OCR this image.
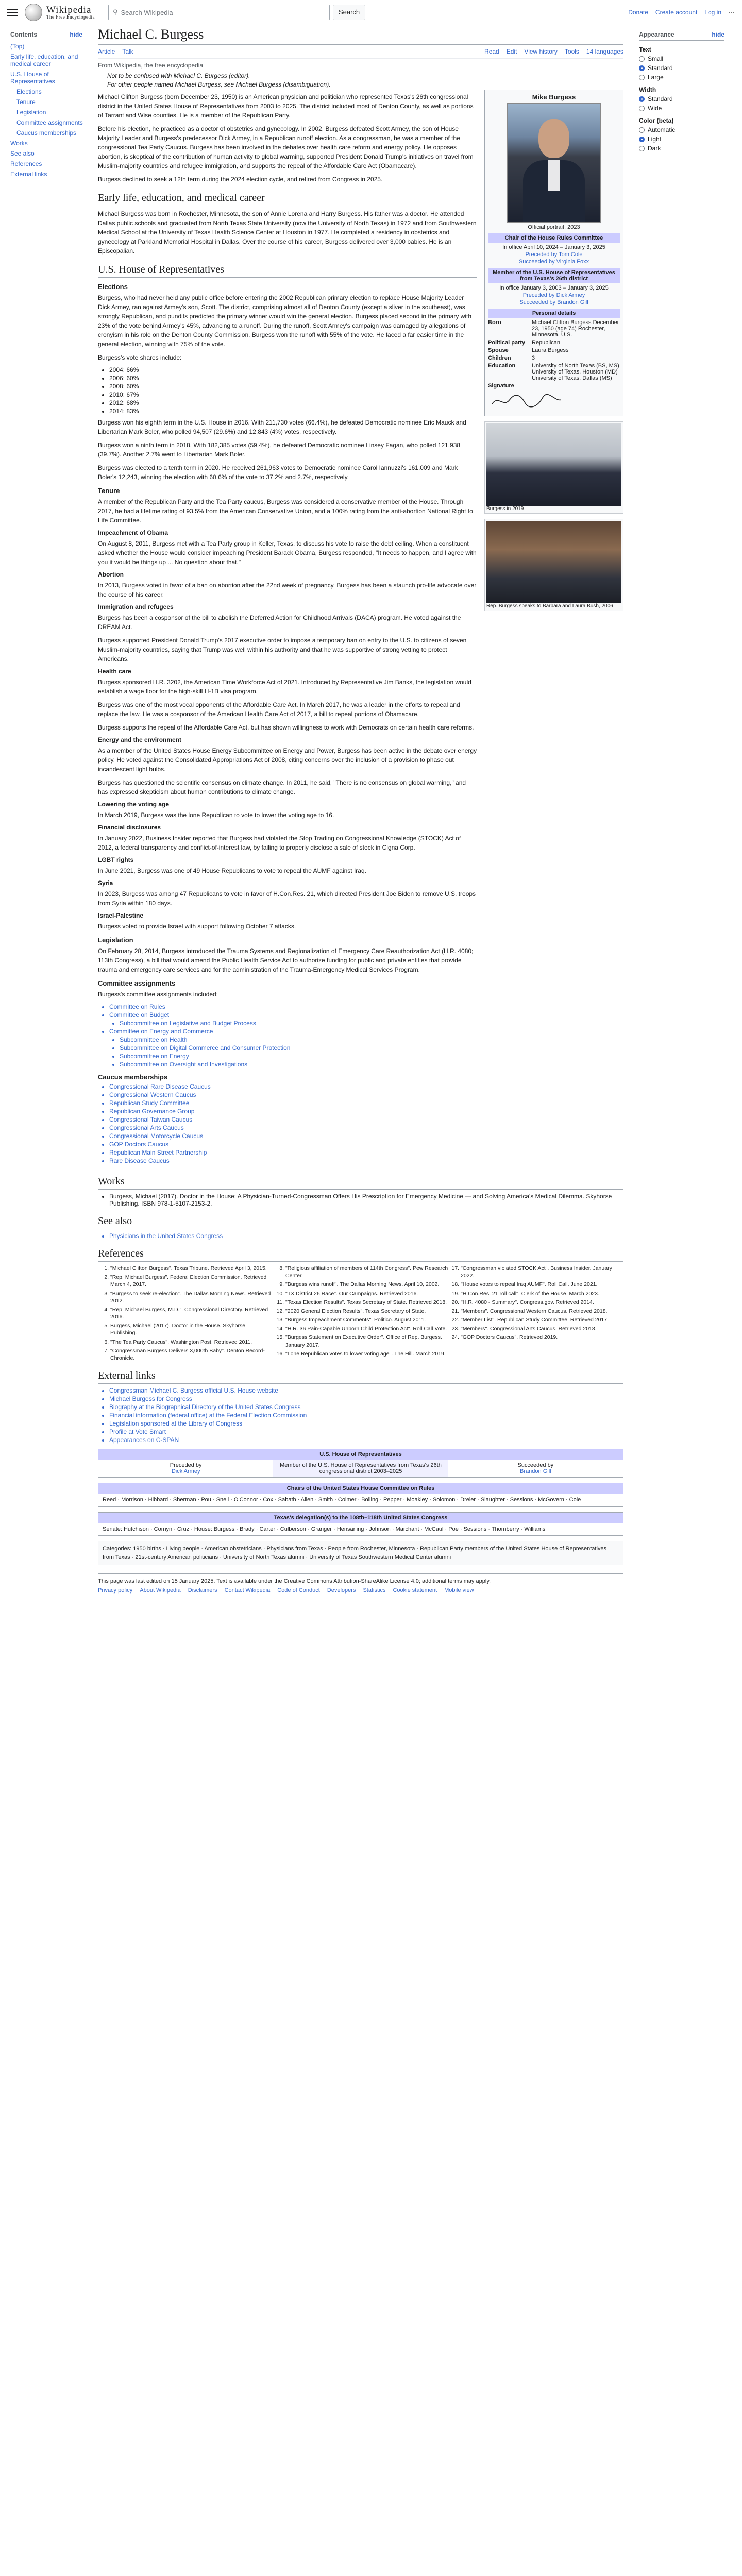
Wikipedia
The Free Encyclopedia
⚲ Search Wikipedia	Search	Donate Create account Log in ⋯
Contents	hide
(Top)
Early life, education, and medical career
U.S. House of Representatives
Elections
Tenure
Legislation
Committee assignments
Caucus memberships
Works
See also
References
External links
Michael C. Burgess
Article Talk	Read Edit View history Tools 14 languages
From Wikipedia, the free encyclopedia
Not to be confused with Michael C. Burgess (editor).
For other people named Michael Burgess, see Michael Burgess (disambiguation).

Michael Clifton Burgess (born December 23, 1950) is an American physician and politician who represented Texas's 26th congressional district in the United States House of Representatives from 2003 to 2025. The district included most of Denton County, as well as portions of Tarrant and Wise counties. He is a member of the Republican Party.

Before his election, he practiced as a doctor of obstetrics and gynecology. In 2002, Burgess defeated Scott Armey, the son of House Majority Leader and Burgess's predecessor Dick Armey, in a Republican runoff election. As a congressman, he was a member of the congressional Tea Party Caucus. Burgess has been involved in the debates over health care reform and energy policy. He opposes abortion, is skeptical of the contribution of human activity to global warming, supported President Donald Trump's initiatives on travel from Muslim-majority countries and refugee immigration, and supports the repeal of the Affordable Care Act (Obamacare).

Burgess declined to seek a 12th term during the 2024 election cycle, and retired from Congress in 2025.

Early life, education, and medical career

Michael Burgess was born in Rochester, Minnesota, the son of Annie Lorena and Harry Burgess. His father was a doctor. He attended Dallas public schools and graduated from North Texas State University (now the University of North Texas) in 1972 and from Southwestern Medical School at the University of Texas Health Science Center at Houston in 1977. He completed a residency in obstetrics and gynecology at Parkland Memorial Hospital in Dallas. Over the course of his career, Burgess delivered over 3,000 babies. He is an Episcopalian.

U.S. House of Representatives
Elections

Burgess, who had never held any public office before entering the 2002 Republican primary election to replace House Majority Leader Dick Armey, ran against Armey's son, Scott. The district, comprising almost all of Denton County (except a sliver in the southeast), was strongly Republican, and pundits predicted the primary winner would win the general election. Burgess placed second in the primary with 23% of the vote behind Armey's 45%, advancing to a runoff. During the runoff, Scott Armey's campaign was damaged by allegations of cronyism in his role on the Denton County Commission. Burgess won the runoff with 55% of the vote. He faced a far easier time in the general election, winning with 75% of the vote.

Burgess's vote shares include:

• 2004: 66%
• 2006: 60%
• 2008: 60%
• 2010: 67%
• 2012: 68%
• 2014: 83%

Burgess won his eighth term in the U.S. House in 2016. With 211,730 votes (66.4%), he defeated Democratic nominee Eric Mauck and Libertarian Mark Boler, who polled 94,507 (29.6%) and 12,843 (4%) votes, respectively.

Burgess won a ninth term in 2018. With 182,385 votes (59.4%), he defeated Democratic nominee Linsey Fagan, who polled 121,938 (39.7%). Another 2.7% went to Libertarian Mark Boler.

Burgess was elected to a tenth term in 2020. He received 261,963 votes to Democratic nominee Carol Iannuzzi's 161,009 and Mark Boler's 12,243, winning the election with 60.6% of the vote to 37.2% and 2.7%, respectively.

Tenure

A member of the Republican Party and the Tea Party caucus, Burgess was considered a conservative member of the House. Through 2017, he had a lifetime rating of 93.5% from the American Conservative Union, and a 100% rating from the anti-abortion National Right to Life Committee.

Impeachment of Obama

On August 8, 2011, Burgess met with a Tea Party group in Keller, Texas, to discuss his vote to raise the debt ceiling. When a constituent asked whether the House would consider impeaching President Barack Obama, Burgess responded, "It needs to happen, and I agree with you it would be things up ... No question about that."

Abortion

In 2013, Burgess voted in favor of a ban on abortion after the 22nd week of pregnancy. Burgess has been a staunch pro-life advocate over the course of his career.

Immigration and refugees

Burgess has been a cosponsor of the bill to abolish the Deferred Action for Childhood Arrivals (DACA) program. He voted against the DREAM Act.

Burgess supported President Donald Trump's 2017 executive order to impose a temporary ban on entry to the U.S. to citizens of seven Muslim-majority countries, saying that Trump was well within his authority and that he was supportive of strong vetting to protect Americans.

Health care

Burgess sponsored H.R. 3202, the American Time Workforce Act of 2021. Introduced by Representative Jim Banks, the legislation would establish a wage floor for the high-skill H-1B visa program.

Burgess was one of the most vocal opponents of the Affordable Care Act. In March 2017, he was a leader in the efforts to repeal and replace the law. He was a cosponsor of the American Health Care Act of 2017, a bill to repeal portions of Obamacare.

Burgess supports the repeal of the Affordable Care Act, but has shown willingness to work with Democrats on certain health care reforms.

Energy and the environment

As a member of the United States House Energy Subcommittee on Energy and Power, Burgess has been active in the debate over energy policy. He voted against the Consolidated Appropriations Act of 2008, citing concerns over the inclusion of a provision to phase out incandescent light bulbs.

Burgess has questioned the scientific consensus on climate change. In 2011, he said, "There is no consensus on global warming," and has expressed skepticism about human contributions to climate change.

Lowering the voting age

In March 2019, Burgess was the lone Republican to vote to lower the voting age to 16.

Financial disclosures

In January 2022, Business Insider reported that Burgess had violated the Stop Trading on Congressional Knowledge (STOCK) Act of 2012, a federal transparency and conflict-of-interest law, by failing to properly disclose a sale of stock in Cigna Corp.

LGBT rights

In June 2021, Burgess was one of 49 House Republicans to vote to repeal the AUMF against Iraq.

Syria

In 2023, Burgess was among 47 Republicans to vote in favor of H.Con.Res. 21, which directed President Joe Biden to remove U.S. troops from Syria within 180 days.

Israel-Palestine

Burgess voted to provide Israel with support following October 7 attacks.

Legislation

On February 28, 2014, Burgess introduced the Trauma Systems and Regionalization of Emergency Care Reauthorization Act (H.R. 4080; 113th Congress), a bill that would amend the Public Health Service Act to authorize funding for public and private entities that provide trauma and emergency care services and for the administration of the Trauma-Emergency Medical Services Program.

Committee assignments

Burgess's committee assignments included:

• Committee on Rules
• Committee on Budget
• Subcommittee on Legislative and Budget Process
• Committee on Energy and Commerce
• Subcommittee on Health
• Subcommittee on Digital Commerce and Consumer Protection
• Subcommittee on Energy
• Subcommittee on Oversight and Investigations
Caucus memberships
• Congressional Rare Disease Caucus
• Congressional Western Caucus
• Republican Study Committee
• Republican Governance Group
• Congressional Taiwan Caucus
• Congressional Arts Caucus
• Congressional Motorcycle Caucus
• GOP Doctors Caucus
• Republican Main Street Partnership
• Rare Disease Caucus
Mike Burgess
Official portrait, 2023
Chair of the House Rules Committee
In office April 10, 2024 – January 3, 2025
Preceded by Tom Cole
Succeeded by Virginia Foxx
Member of the U.S. House of Representatives from Texas's 26th district
In office January 3, 2003 – January 3, 2025
Preceded by Dick Armey
Succeeded by Brandon Gill
Personal details
Born	Michael Clifton Burgess December 23, 1950 (age 74) Rochester, Minnesota, U.S.
Political party	Republican
Spouse	Laura Burgess
Children	3
Education	University of North Texas (BS, MS) University of Texas, Houston (MD) University of Texas, Dallas (MS)
Signature
Burgess in 2019
Rep. Burgess speaks to Barbara and Laura Bush, 2006
Works
• Burgess, Michael (2017). Doctor in the House: A Physician-Turned-Congressman Offers His Prescription for Emergency Medicine — and Solving America's Medical Dilemma. Skyhorse Publishing. ISBN 978-1-5107-2153-2.
See also
• Physicians in the United States Congress
References
1. "Michael Clifton Burgess". Texas Tribune. Retrieved April 3, 2015.
2. "Rep. Michael Burgess". Federal Election Commission. Retrieved March 4, 2017.
3. "Burgess to seek re-election". The Dallas Morning News. Retrieved 2012.
4. "Rep. Michael Burgess, M.D.". Congressional Directory. Retrieved 2016.
5. Burgess, Michael (2017). Doctor in the House. Skyhorse Publishing.
6. "The Tea Party Caucus". Washington Post. Retrieved 2011.
7. "Congressman Burgess Delivers 3,000th Baby". Denton Record-Chronicle.
8. "Religious affiliation of members of 114th Congress". Pew Research Center.
9. "Burgess wins runoff". The Dallas Morning News. April 10, 2002.
10. "TX District 26 Race". Our Campaigns. Retrieved 2016.
11. "Texas Election Results". Texas Secretary of State. Retrieved 2018.
12. "2020 General Election Results". Texas Secretary of State.
13. "Burgess Impeachment Comments". Politico. August 2011.
14. "H.R. 36 Pain-Capable Unborn Child Protection Act". Roll Call Vote.
15. "Burgess Statement on Executive Order". Office of Rep. Burgess. January 2017.
16. "Lone Republican votes to lower voting age". The Hill. March 2019.
17. "Congressman violated STOCK Act". Business Insider. January 2022.
18. "House votes to repeal Iraq AUMF". Roll Call. June 2021.
19. "H.Con.Res. 21 roll call". Clerk of the House. March 2023.
20. "H.R. 4080 - Summary". Congress.gov. Retrieved 2014.
21. "Members". Congressional Western Caucus. Retrieved 2018.
22. "Member List". Republican Study Committee. Retrieved 2017.
23. "Members". Congressional Arts Caucus. Retrieved 2018.
24. "GOP Doctors Caucus". Retrieved 2019.
External links
• Congressman Michael C. Burgess official U.S. House website
• Michael Burgess for Congress
• Biography at the Biographical Directory of the United States Congress
• Financial information (federal office) at the Federal Election Commission
• Legislation sponsored at the Library of Congress
• Profile at Vote Smart
• Appearances on C-SPAN
U.S. House of Representatives
Preceded by
Dick Armey
Member of the U.S. House of Representatives from Texas's 26th congressional district 2003–2025
Succeeded by
Brandon Gill
Chairs of the United States House Committee on Rules
Reed · Morrison · Hibbard · Sherman · Pou · Snell · O'Connor · Cox · Sabath · Allen · Smith · Colmer · Bolling · Pepper · Moakley · Solomon · Dreier · Slaughter · Sessions · McGovern · Cole
Texas's delegation(s) to the 108th–118th United States Congress
Senate: Hutchison · Cornyn · Cruz · House: Burgess · Brady · Carter · Culberson · Granger · Hensarling · Johnson · Marchant · McCaul · Poe · Sessions · Thornberry · Williams
Categories: 1950 births · Living people · American obstetricians · Physicians from Texas · People from Rochester, Minnesota · Republican Party members of the United States House of Representatives from Texas · 21st-century American politicians · University of North Texas alumni · University of Texas Southwestern Medical Center alumni
This page was last edited on 15 January 2025. Text is available under the Creative Commons Attribution-ShareAlike License 4.0; additional terms may apply.
Privacy policy About Wikipedia Disclaimers Contact Wikipedia Code of Conduct Developers Statistics Cookie statement Mobile view
Appearance	hide
Text
Small
Standard
Large
Width
Standard
Wide
Color (beta)
Automatic
Light
Dark
